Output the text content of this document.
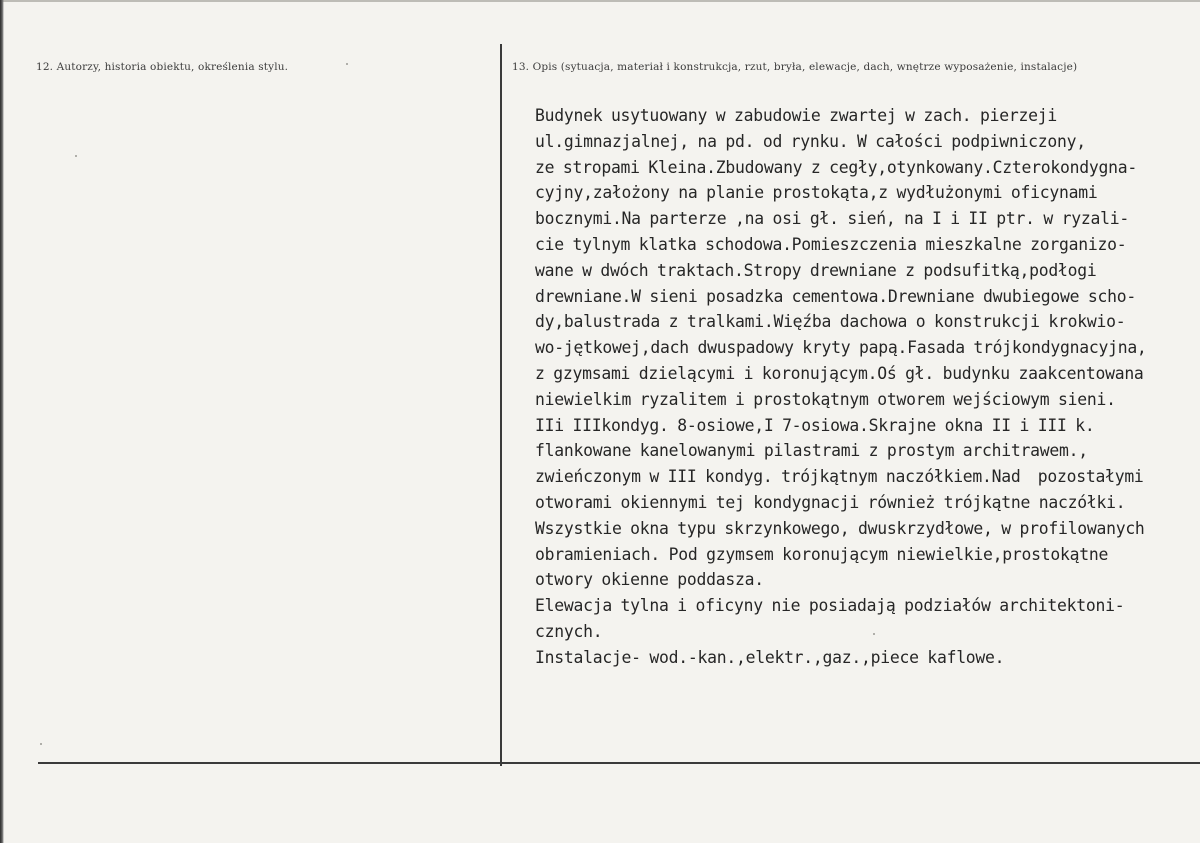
12. Autorzy, historia obiektu, określenia stylu.	13. Opis (sytuacja, materiał i konstrukcja, rzut, bryła, elewacje, dach, wnętrze wyposażenie, instalacje)
Budynek usytuowany w zabudowie zwartej w zach. pierzeji
ul.gimnazjalnej, na pd. od rynku. W całości podpiwniczony,
ze stropami Kleina.Zbudowany z cegły,otynkowany.Czterokondygna-
cyjny,założony na planie prostokąta,z wydłużonymi oficynami
bocznymi.Na parterze ,na osi gł. sień, na I i II ptr. w ryzali-
cie tylnym klatka schodowa.Pomieszczenia mieszkalne zorganizo-
wane w dwóch traktach.Stropy drewniane z podsufitką,podłogi
drewniane.W sieni posadzka cementowa.Drewniane dwubiegowe scho-
dy,balustrada z tralkami.Więźba dachowa o konstrukcji krokwio-
wo-jętkowej,dach dwuspadowy kryty papą.Fasada trójkondygnacyjna,
z gzymsami dzielącymi i koronującym.Oś gł. budynku zaakcentowana
niewielkim ryzalitem i prostokątnym otworem wejściowym sieni.
IIi IIIkondyg. 8-osiowe,I 7-osiowa.Skrajne okna II i III k.
flankowane kanelowanymi pilastrami z prostym architrawem.,
zwieńczonym w III kondyg. trójkątnym naczółkiem.Nad  pozostałymi
otworami okiennymi tej kondygnacji również trójkątne naczółki.
Wszystkie okna typu skrzynkowego, dwuskrzydłowe, w profilowanych
obramieniach. Pod gzymsem koronującym niewielkie,prostokątne
otwory okienne poddasza.
Elewacja tylna i oficyny nie posiadają podziałów architektoni-
cznych.
Instalacje- wod.-kan.,elektr.,gaz.,piece kaflowe.
